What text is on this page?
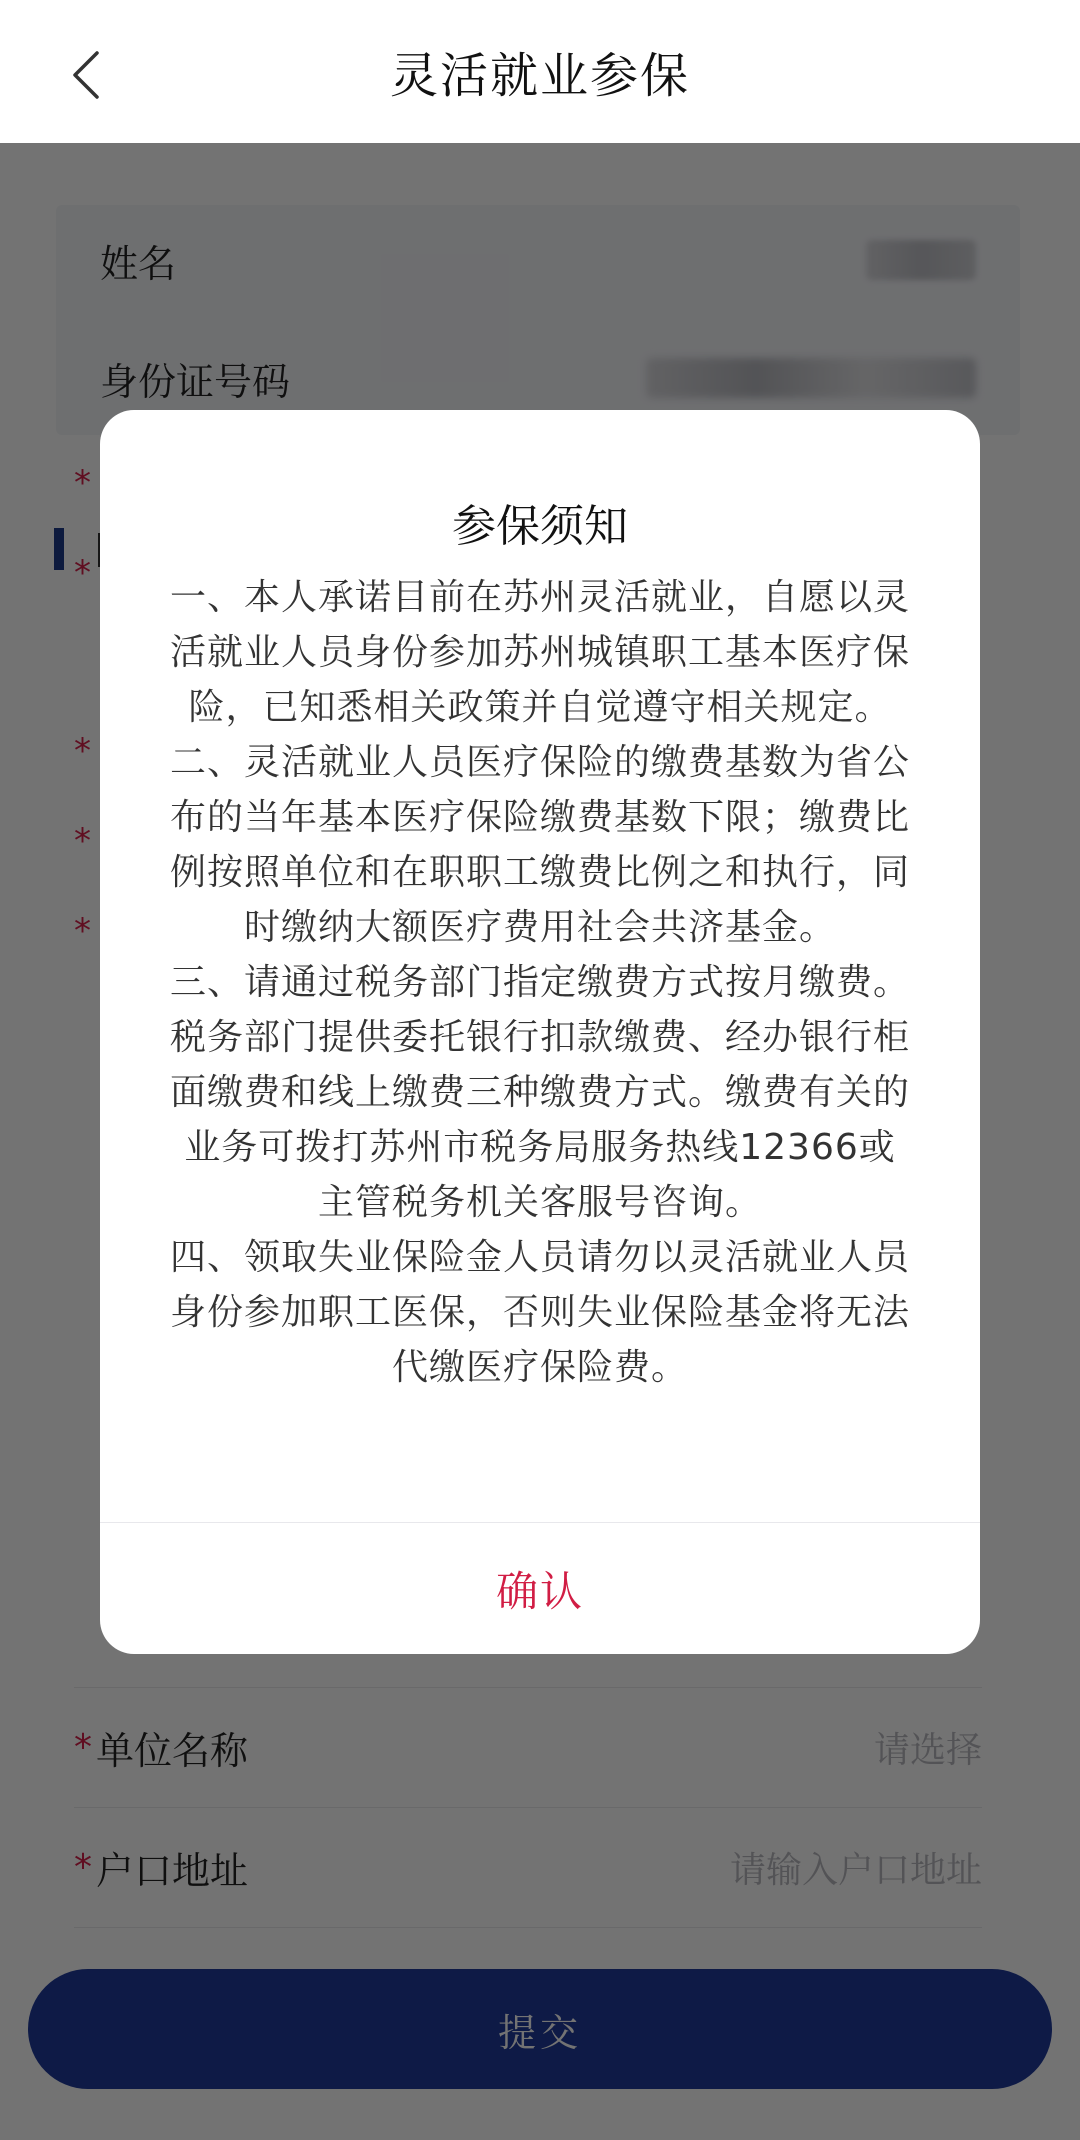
灵活就业参保
参保须知

一、本人承诺目前在苏州灵活就业，自愿以灵活就业人员身份参加苏州城镇职工基本医疗保险，已知悉相关政策并自觉遵守相关规定。

二、灵活就业人员医疗保险的缴费基数为省公布的当年基本医疗保险缴费基数下限；缴费比例按照单位和在职职工缴费比例之和执行，同时缴纳大额医疗费用社会共济基金。

三、请通过税务部门指定缴费方式按月缴费。税务部门提供委托银行扣款缴费、经办银行柜面缴费和线上缴费三种缴费方式。缴费有关的业务可拨打苏州市税务局服务热线12366或主管税务机关客服号咨询。

四、领取失业保险金人员请勿以灵活就业人员身份参加职工医保，否则失业保险基金将无法代缴医疗保险费。

确认
